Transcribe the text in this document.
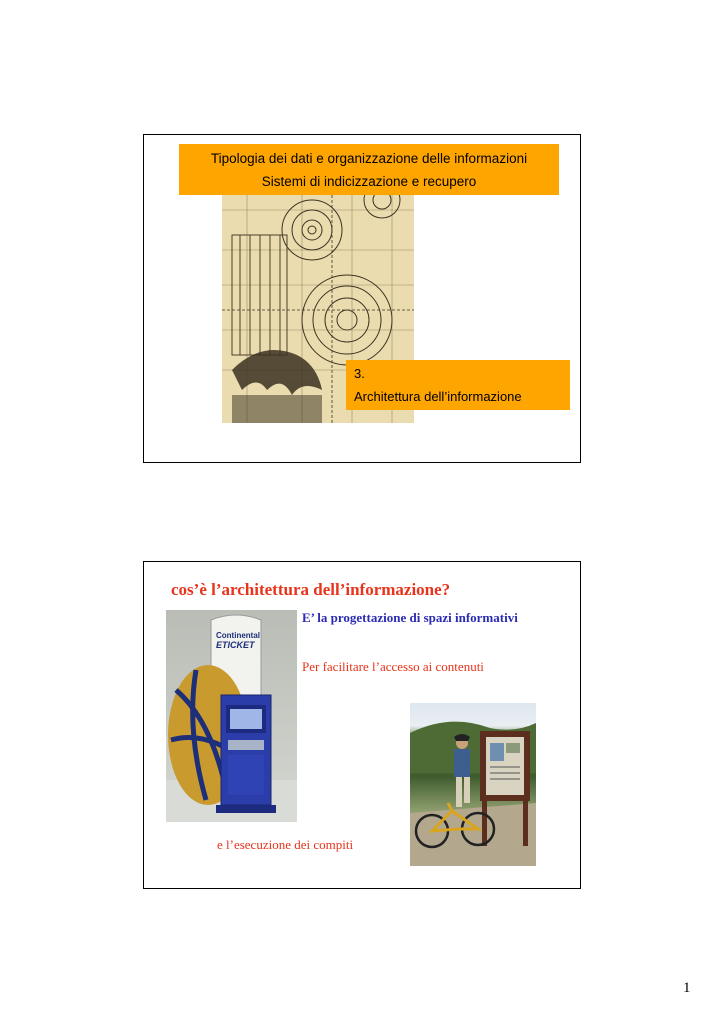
Tipologia dei dati e organizzazione delle informazioni
Sistemi di indicizzazione e recupero
3.
Architettura dell’informazione
cos’è l’architettura dell’informazione?
Continental
ETICKET
E’ la progettazione di spazi informativi
Per facilitare l’accesso ai contenuti
e l’esecuzione dei compiti
1
